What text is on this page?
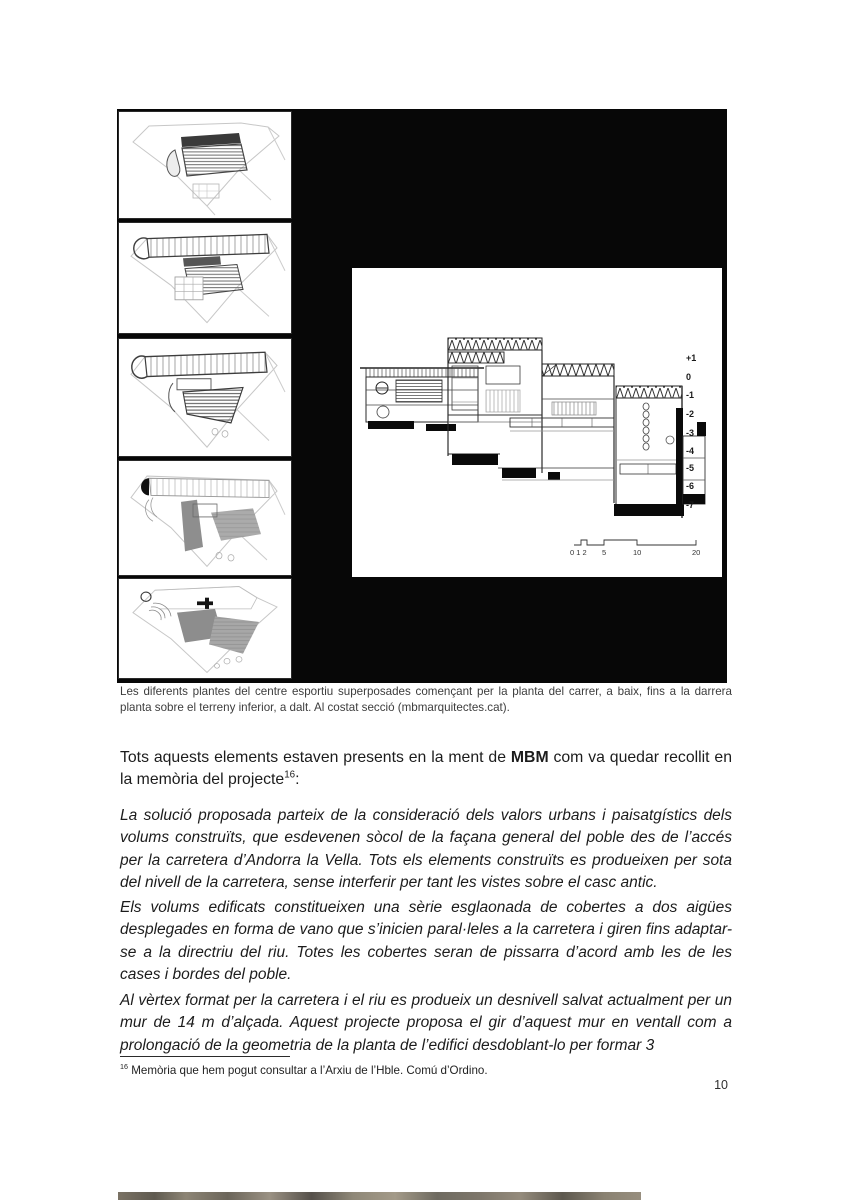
+1
0
-1
-2
-3
-4
-5
-6
-7
0 1 2 5	10	20
Les diferents plantes del centre esportiu superposades començant per la planta del carrer, a baix, fins a la darrera planta sobre el terreny inferior, a dalt. Al costat secció (mbmarquitectes.cat).

Tots aquests elements estaven presents en la ment de MBM com va quedar recollit en la memòria del projecte$^{16}$:

La solució proposada parteix de la consideració dels valors urbans i paisatgístics dels volums construïts, que esdevenen sòcol de la façana general del poble des de l’accés per la carretera d’Andorra la Vella. Tots els elements construïts es produeixen per sota del nivell de la carretera, sense interferir per tant les vistes sobre el casc antic.

Els volums edificats constitueixen una sèrie esglaonada de cobertes a dos aigües desplegades en forma de vano que s’inicien paral·leles a la carretera i giren fins adaptar-se a la directriu del riu. Totes les cobertes seran de pissarra d’acord amb les de les cases i bordes del poble.

Al vèrtex format per la carretera i el riu es produeix un desnivell salvat actualment per un mur de 14 m d’alçada. Aquest projecte proposa el gir d’aquest mur en ventall com a prolongació de la geometria de la planta de l’edifici desdoblant-lo per formar 3

$^{16}$ Memòria que hem pogut consultar a l’Arxiu de l’Hble. Comú d’Ordino.
10
